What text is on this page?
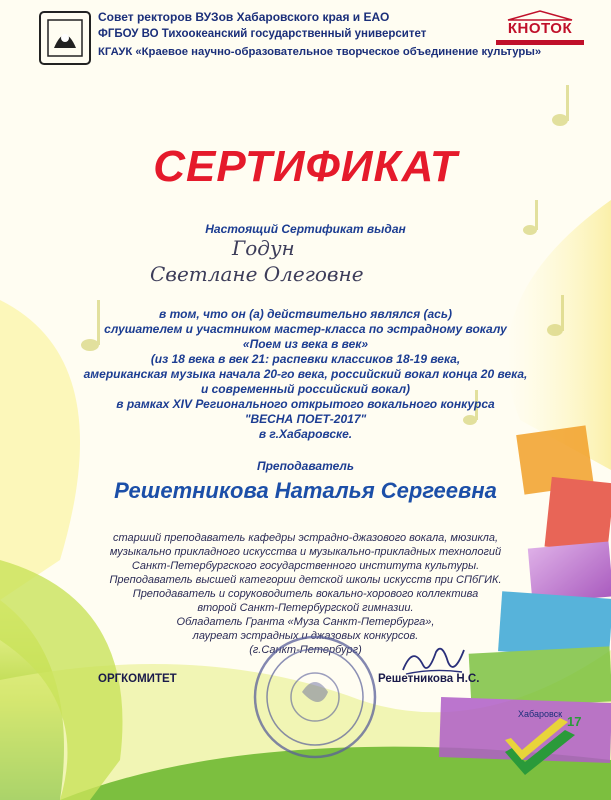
Совет ректоров ВУЗов Хабаровского края и ЕАО
ФГБОУ ВО Тихоокеанский государственный университет
КГАУК «Краевое научно-образовательное творческое объединение культуры»
КНОТОК
СЕРТИФИКАТ
Настоящий Сертификат выдан
Годун
Светлане Олеговне
в том, что он (а) действительно являлся (ась)
слушателем и участником мастер-класса по эстрадному вокалу
«Поем из века в век»
(из 18 века в век 21: распевки классиков 18-19 века,
американская музыка начала 20-го века, российский вокал конца 20 века,
и современный российский вокал)
в рамках XIV Регионального открытого вокального конкурса
"ВЕСНА ПОЕТ-2017"
в г.Хабаровске.
Преподаватель
Решетникова Наталья Сергеевна
старший преподаватель кафедры эстрадно-джазового вокала, мюзикла,
музыкально прикладного искусства и музыкально-прикладных технологий
Санкт-Петербургского государственного института культуры.
Преподаватель высшей категории детской школы искусств при СПбГИК.
Преподаватель и соруководитель вокально-хорового коллектива
второй Санкт-Петербургской гимназии.
Обладатель Гранта «Муза Санкт-Петербурга»,
лауреат эстрадных и джазовых конкурсов.
(г.Санкт-Петербург)
ОРГКОМИТЕТ	Решетникова Н.С.
Хабаровск 17
